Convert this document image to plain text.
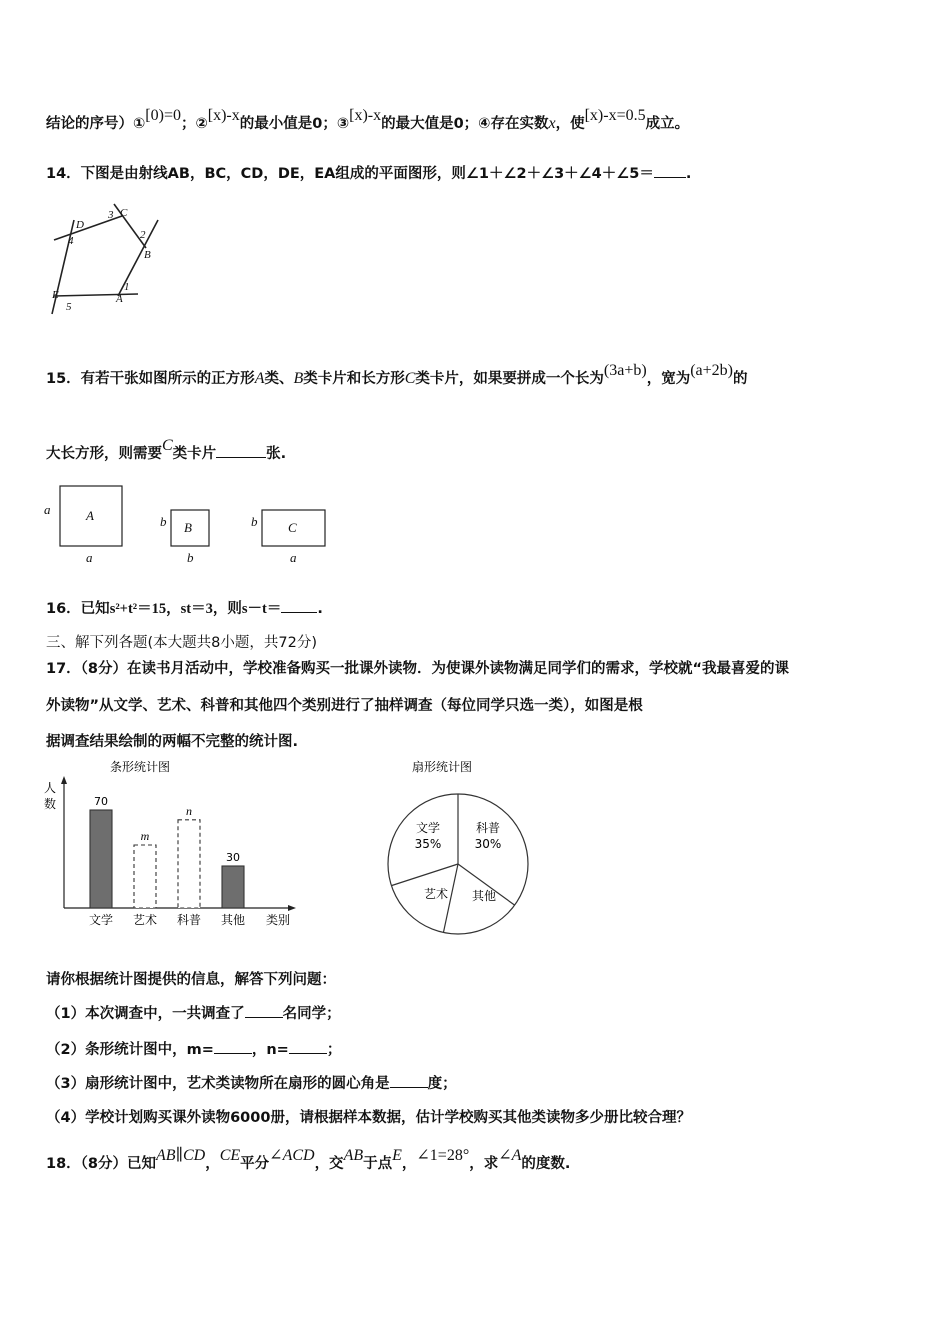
结论的序号）①[0)=0；②[x)-x的最小值是0；③[x)-x的最大值是0；④存在实数x，使[x)-x=0.5成立。
14．下图是由射线AB，BC，CD，DE，EA组成的平面图形，则∠1＋∠2＋∠3＋∠4＋∠5＝ .
D
4
3 C
2
B
E
5
1
A
15．有若干张如图所示的正方形A类、B类卡片和长方形C类卡片，如果要拼成一个长为(3a+b)，宽为(a+2b)的
大长方形，则需要C类卡片	张.
a	A
a
b B
b
b C
a
16．已知s²+t²＝15，st＝3，则s－t＝ .
三、解下列各题(本大题共8小题，共72分)
17．（8分）在读书月活动中，学校准备购买一批课外读物．为使课外读物满足同学们的需求，学校就“我最喜爱的课
外读物”从文学、艺术、科普和其他四个类别进行了抽样调查（每位同学只选一类），如图是根
据调查结果绘制的两幅不完整的统计图.
条形统计图
人
数	70
文学
m
艺术
n
科普
30
其他 类别
扇形统计图
文学
35%
科普
30%
其他
艺术
请你根据统计图提供的信息，解答下列问题：
（1）本次调查中，一共调查了	名同学；
（2）条形统计图中，m=	，n=	；
（3）扇形统计图中，艺术类读物所在扇形的圆心角是	度；
（4）学校计划购买课外读物6000册，请根据样本数据，估计学校购买其他类读物多少册比较合理？
18．（8分）已知AB∥CD，CE平分∠ACD，交AB于点E，∠1=28°，求∠A的度数.
